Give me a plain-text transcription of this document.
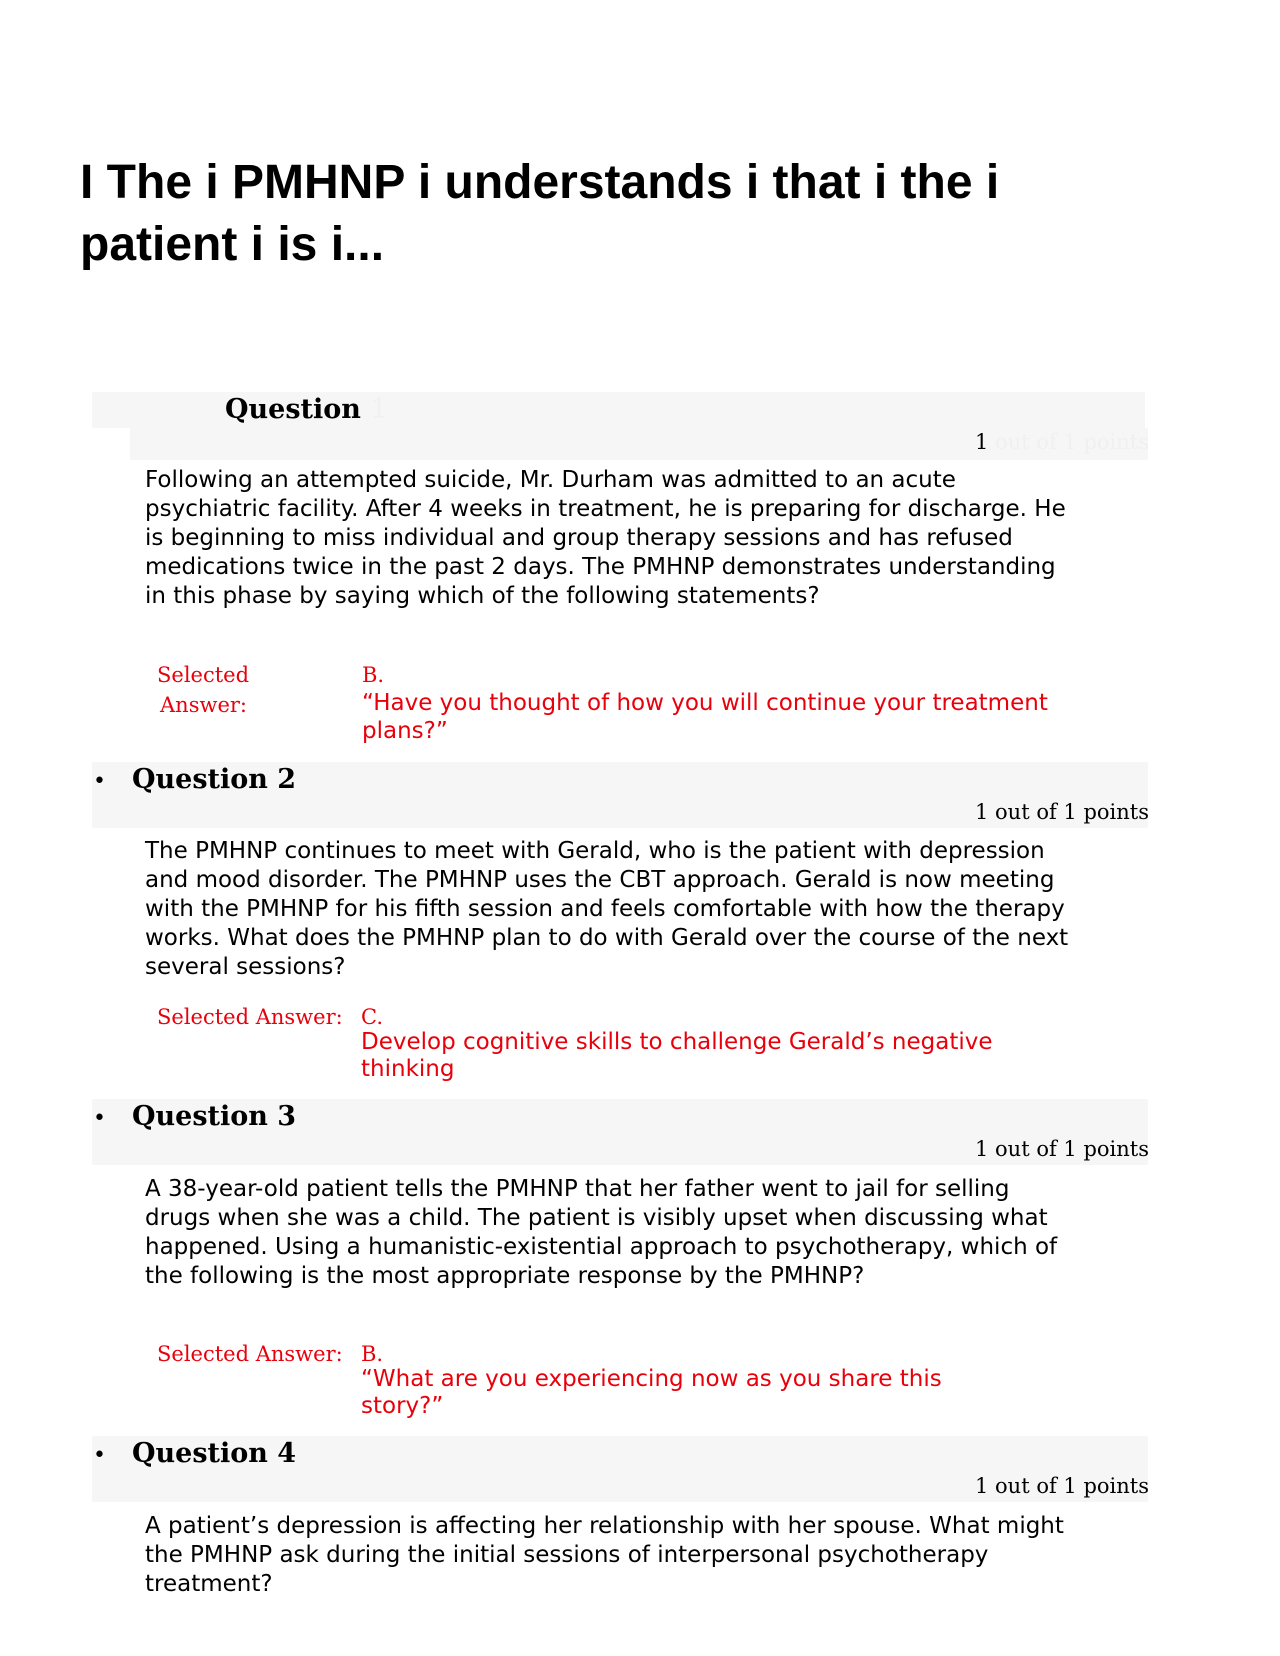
I The i PMHNP i understands i that i the i patient i is i...
Question 1
1 out of 1 points
Following an attempted suicide, Mr. Durham was admitted to an acute psychiatric facility. After 4 weeks in treatment, he is preparing for discharge. He is beginning to miss individual and group therapy sessions and has refused medications twice in the past 2 days. The PMHNP demonstrates understanding in this phase by saying which of the following statements?
Selected
Answer:
B.
“Have you thought of how you will continue your treatment plans?”
• Question 2
1 out of 1 points
The PMHNP continues to meet with Gerald, who is the patient with depression and mood disorder. The PMHNP uses the CBT approach. Gerald is now meeting with the PMHNP for his fifth session and feels comfortable with how the therapy works. What does the PMHNP plan to do with Gerald over the course of the next several sessions?
Selected Answer: C.
Develop cognitive skills to challenge Gerald’s negative thinking
• Question 3
1 out of 1 points
A 38-year-old patient tells the PMHNP that her father went to jail for selling drugs when she was a child. The patient is visibly upset when discussing what happened. Using a humanistic-existential approach to psychotherapy, which of the following is the most appropriate response by the PMHNP?
Selected Answer: B.
“What are you experiencing now as you share this story?”
• Question 4
1 out of 1 points
A patient’s depression is affecting her relationship with her spouse. What might the PMHNP ask during the initial sessions of interpersonal psychotherapy treatment?
